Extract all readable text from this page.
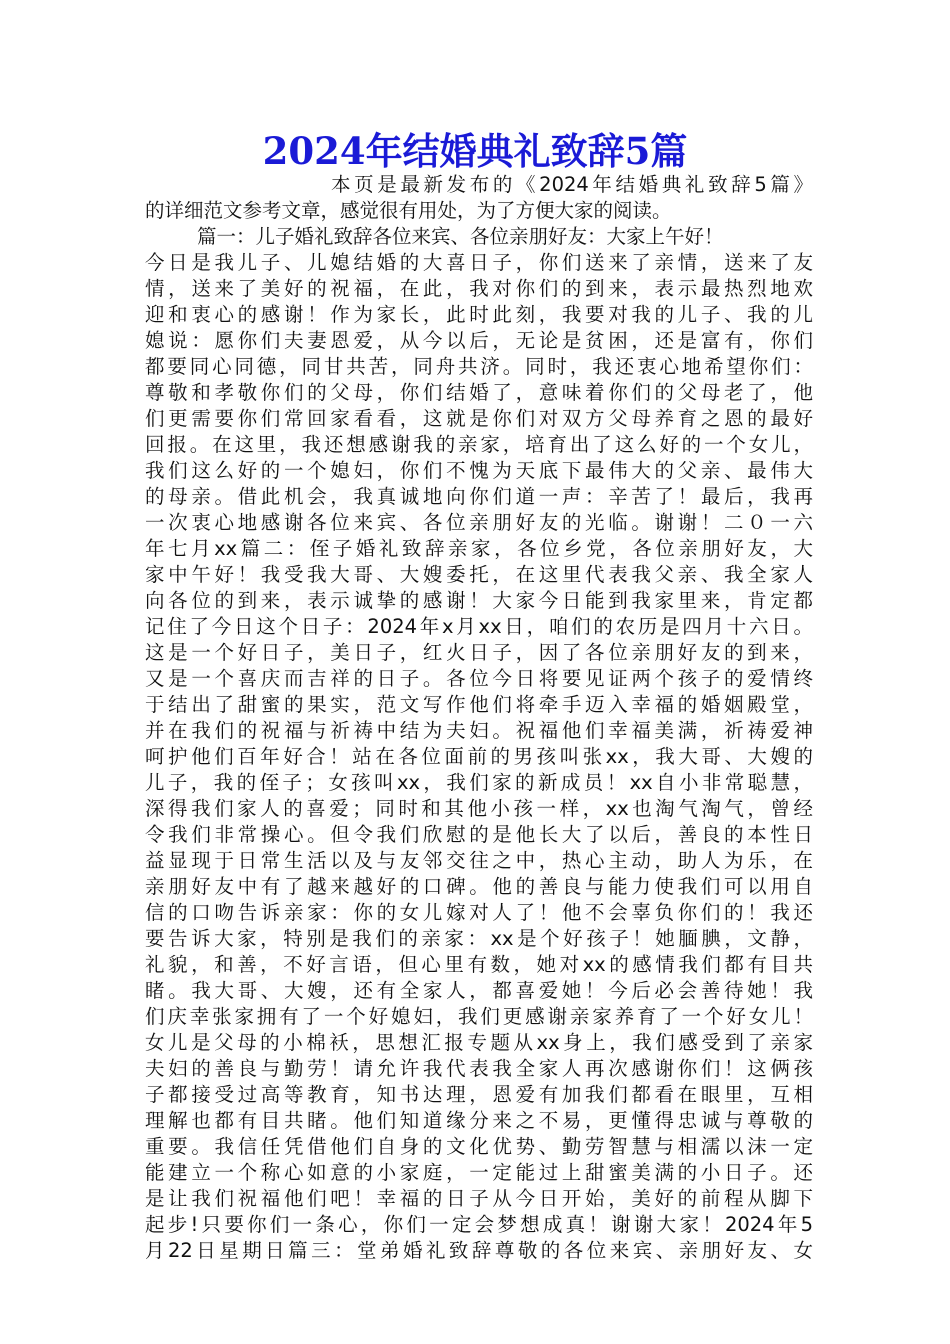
2024年结婚典礼致辞5篇
本页是最新发布的《2024年结婚典礼致辞5篇》
的详细范文参考文章，感觉很有用处，为了方便大家的阅读。
篇一：儿子婚礼致辞各位来宾、各位亲朋好友：大家上午好！
今日是我儿子、儿媳结婚的大喜日子，你们送来了亲情，送来了友
情，送来了美好的祝福，在此，我对你们的到来，表示最热烈地欢
迎和衷心的感谢！作为家长，此时此刻，我要对我的儿子、我的儿
媳说：愿你们夫妻恩爱，从今以后，无论是贫困，还是富有，你们
都要同心同德，同甘共苦，同舟共济。同时，我还衷心地希望你们：
尊敬和孝敬你们的父母，你们结婚了，意味着你们的父母老了，他
们更需要你们常回家看看，这就是你们对双方父母养育之恩的最好
回报。在这里，我还想感谢我的亲家，培育出了这么好的一个女儿，
我们这么好的一个媳妇，你们不愧为天底下最伟大的父亲、最伟大
的母亲。借此机会，我真诚地向你们道一声：辛苦了！最后，我再
一次衷心地感谢各位来宾、各位亲朋好友的光临。谢谢！二０一六
年七月xx篇二：侄子婚礼致辞亲家，各位乡党，各位亲朋好友，大
家中午好！我受我大哥、大嫂委托，在这里代表我父亲、我全家人
向各位的到来，表示诚挚的感谢！大家今日能到我家里来，肯定都
记住了今日这个日子：2024年x月xx日，咱们的农历是四月十六日。
这是一个好日子，美日子，红火日子，因了各位亲朋好友的到来，
又是一个喜庆而吉祥的日子。各位今日将要见证两个孩子的爱情终
于结出了甜蜜的果实，范文写作他们将牵手迈入幸福的婚姻殿堂，
并在我们的祝福与祈祷中结为夫妇。祝福他们幸福美满，祈祷爱神
呵护他们百年好合！站在各位面前的男孩叫张xx，我大哥、大嫂的
儿子，我的侄子；女孩叫xx，我们家的新成员！xx自小非常聪慧，
深得我们家人的喜爱；同时和其他小孩一样，xx也淘气淘气，曾经
令我们非常操心。但令我们欣慰的是他长大了以后，善良的本性日
益显现于日常生活以及与友邻交往之中，热心主动，助人为乐，在
亲朋好友中有了越来越好的口碑。他的善良与能力使我们可以用自
信的口吻告诉亲家：你的女儿嫁对人了！他不会辜负你们的！我还
要告诉大家，特别是我们的亲家：xx是个好孩子！她腼腆，文静，
礼貌，和善，不好言语，但心里有数，她对xx的感情我们都有目共
睹。我大哥、大嫂，还有全家人，都喜爱她！今后必会善待她！我
们庆幸张家拥有了一个好媳妇，我们更感谢亲家养育了一个好女儿！
女儿是父母的小棉袄，思想汇报专题从xx身上，我们感受到了亲家
夫妇的善良与勤劳！请允许我代表我全家人再次感谢你们！这俩孩
子都接受过高等教育，知书达理，恩爱有加我们都看在眼里，互相
理解也都有目共睹。他们知道缘分来之不易，更懂得忠诚与尊敬的
重要。我信任凭借他们自身的文化优势、勤劳智慧与相濡以沫一定
能建立一个称心如意的小家庭，一定能过上甜蜜美满的小日子。还
是让我们祝福他们吧！幸福的日子从今日开始，美好的前程从脚下
起步!只要你们一条心，你们一定会梦想成真！谢谢大家！2024年5
月22日星期日篇三：堂弟婚礼致辞尊敬的各位来宾、亲朋好友、女
